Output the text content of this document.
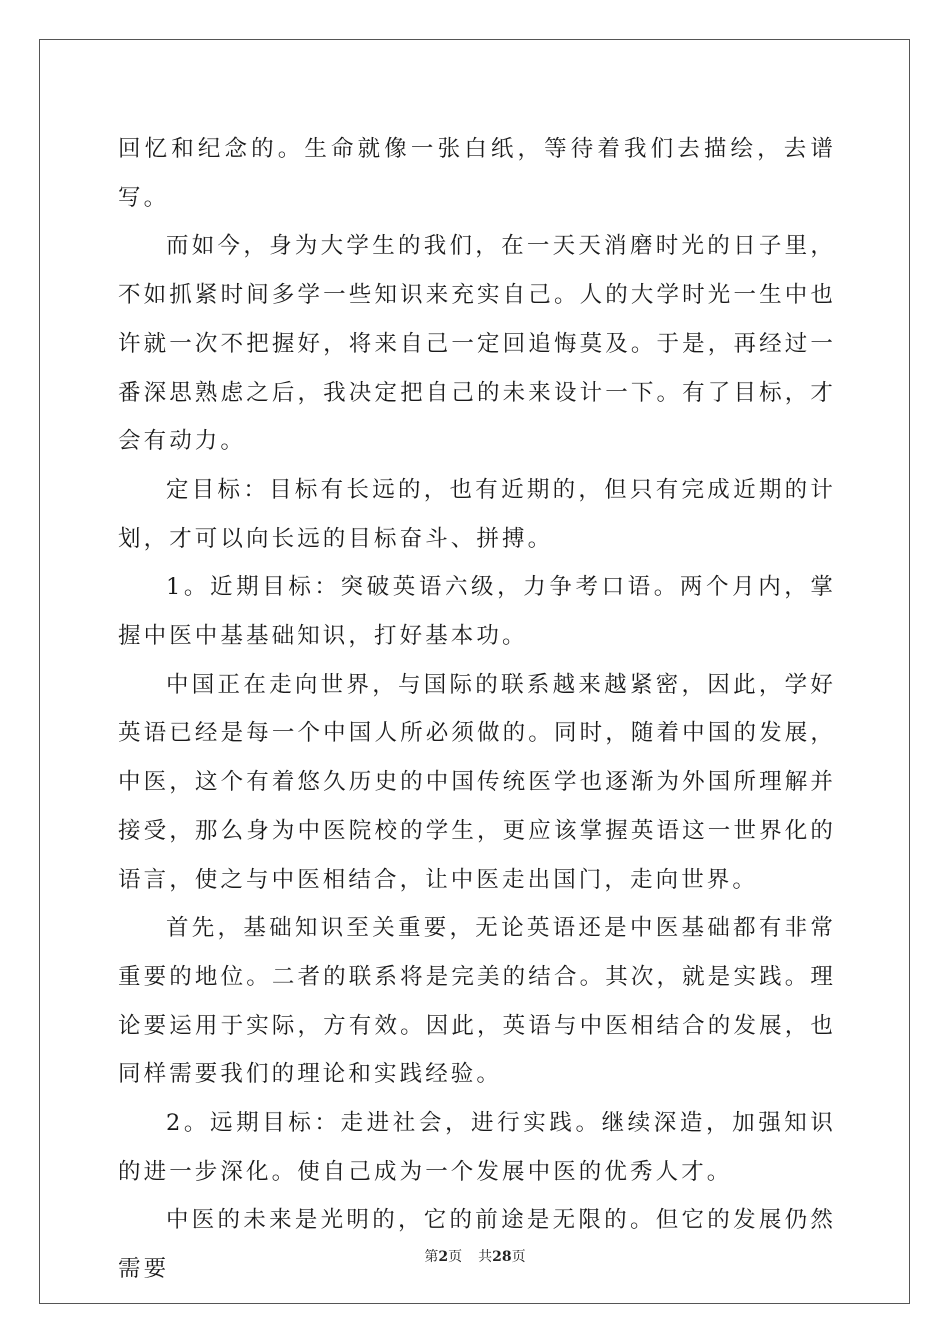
回忆和纪念的。生命就像一张白纸，等待着我们去描绘，去谱写。

而如今，身为大学生的我们，在一天天消磨时光的日子里，不如抓紧时间多学一些知识来充实自己。人的大学时光一生中也许就一次不把握好，将来自己一定回追悔莫及。于是，再经过一番深思熟虑之后，我决定把自己的未来设计一下。有了目标，才会有动力。

定目标：目标有长远的，也有近期的，但只有完成近期的计划，才可以向长远的目标奋斗、拼搏。

1。近期目标：突破英语六级，力争考口语。两个月内，掌握中医中基基础知识，打好基本功。

中国正在走向世界，与国际的联系越来越紧密，因此，学好英语已经是每一个中国人所必须做的。同时，随着中国的发展，中医，这个有着悠久历史的中国传统医学也逐渐为外国所理解并接受，那么身为中医院校的学生，更应该掌握英语这一世界化的语言，使之与中医相结合，让中医走出国门，走向世界。

首先，基础知识至关重要，无论英语还是中医基础都有非常重要的地位。二者的联系将是完美的结合。其次，就是实践。理论要运用于实际，方有效。因此，英语与中医相结合的发展，也同样需要我们的理论和实践经验。

2。远期目标：走进社会，进行实践。继续深造，加强知识的进一步深化。使自己成为一个发展中医的优秀人才。

中医的未来是光明的，它的前途是无限的。但它的发展仍然需要	第2页 共28页
